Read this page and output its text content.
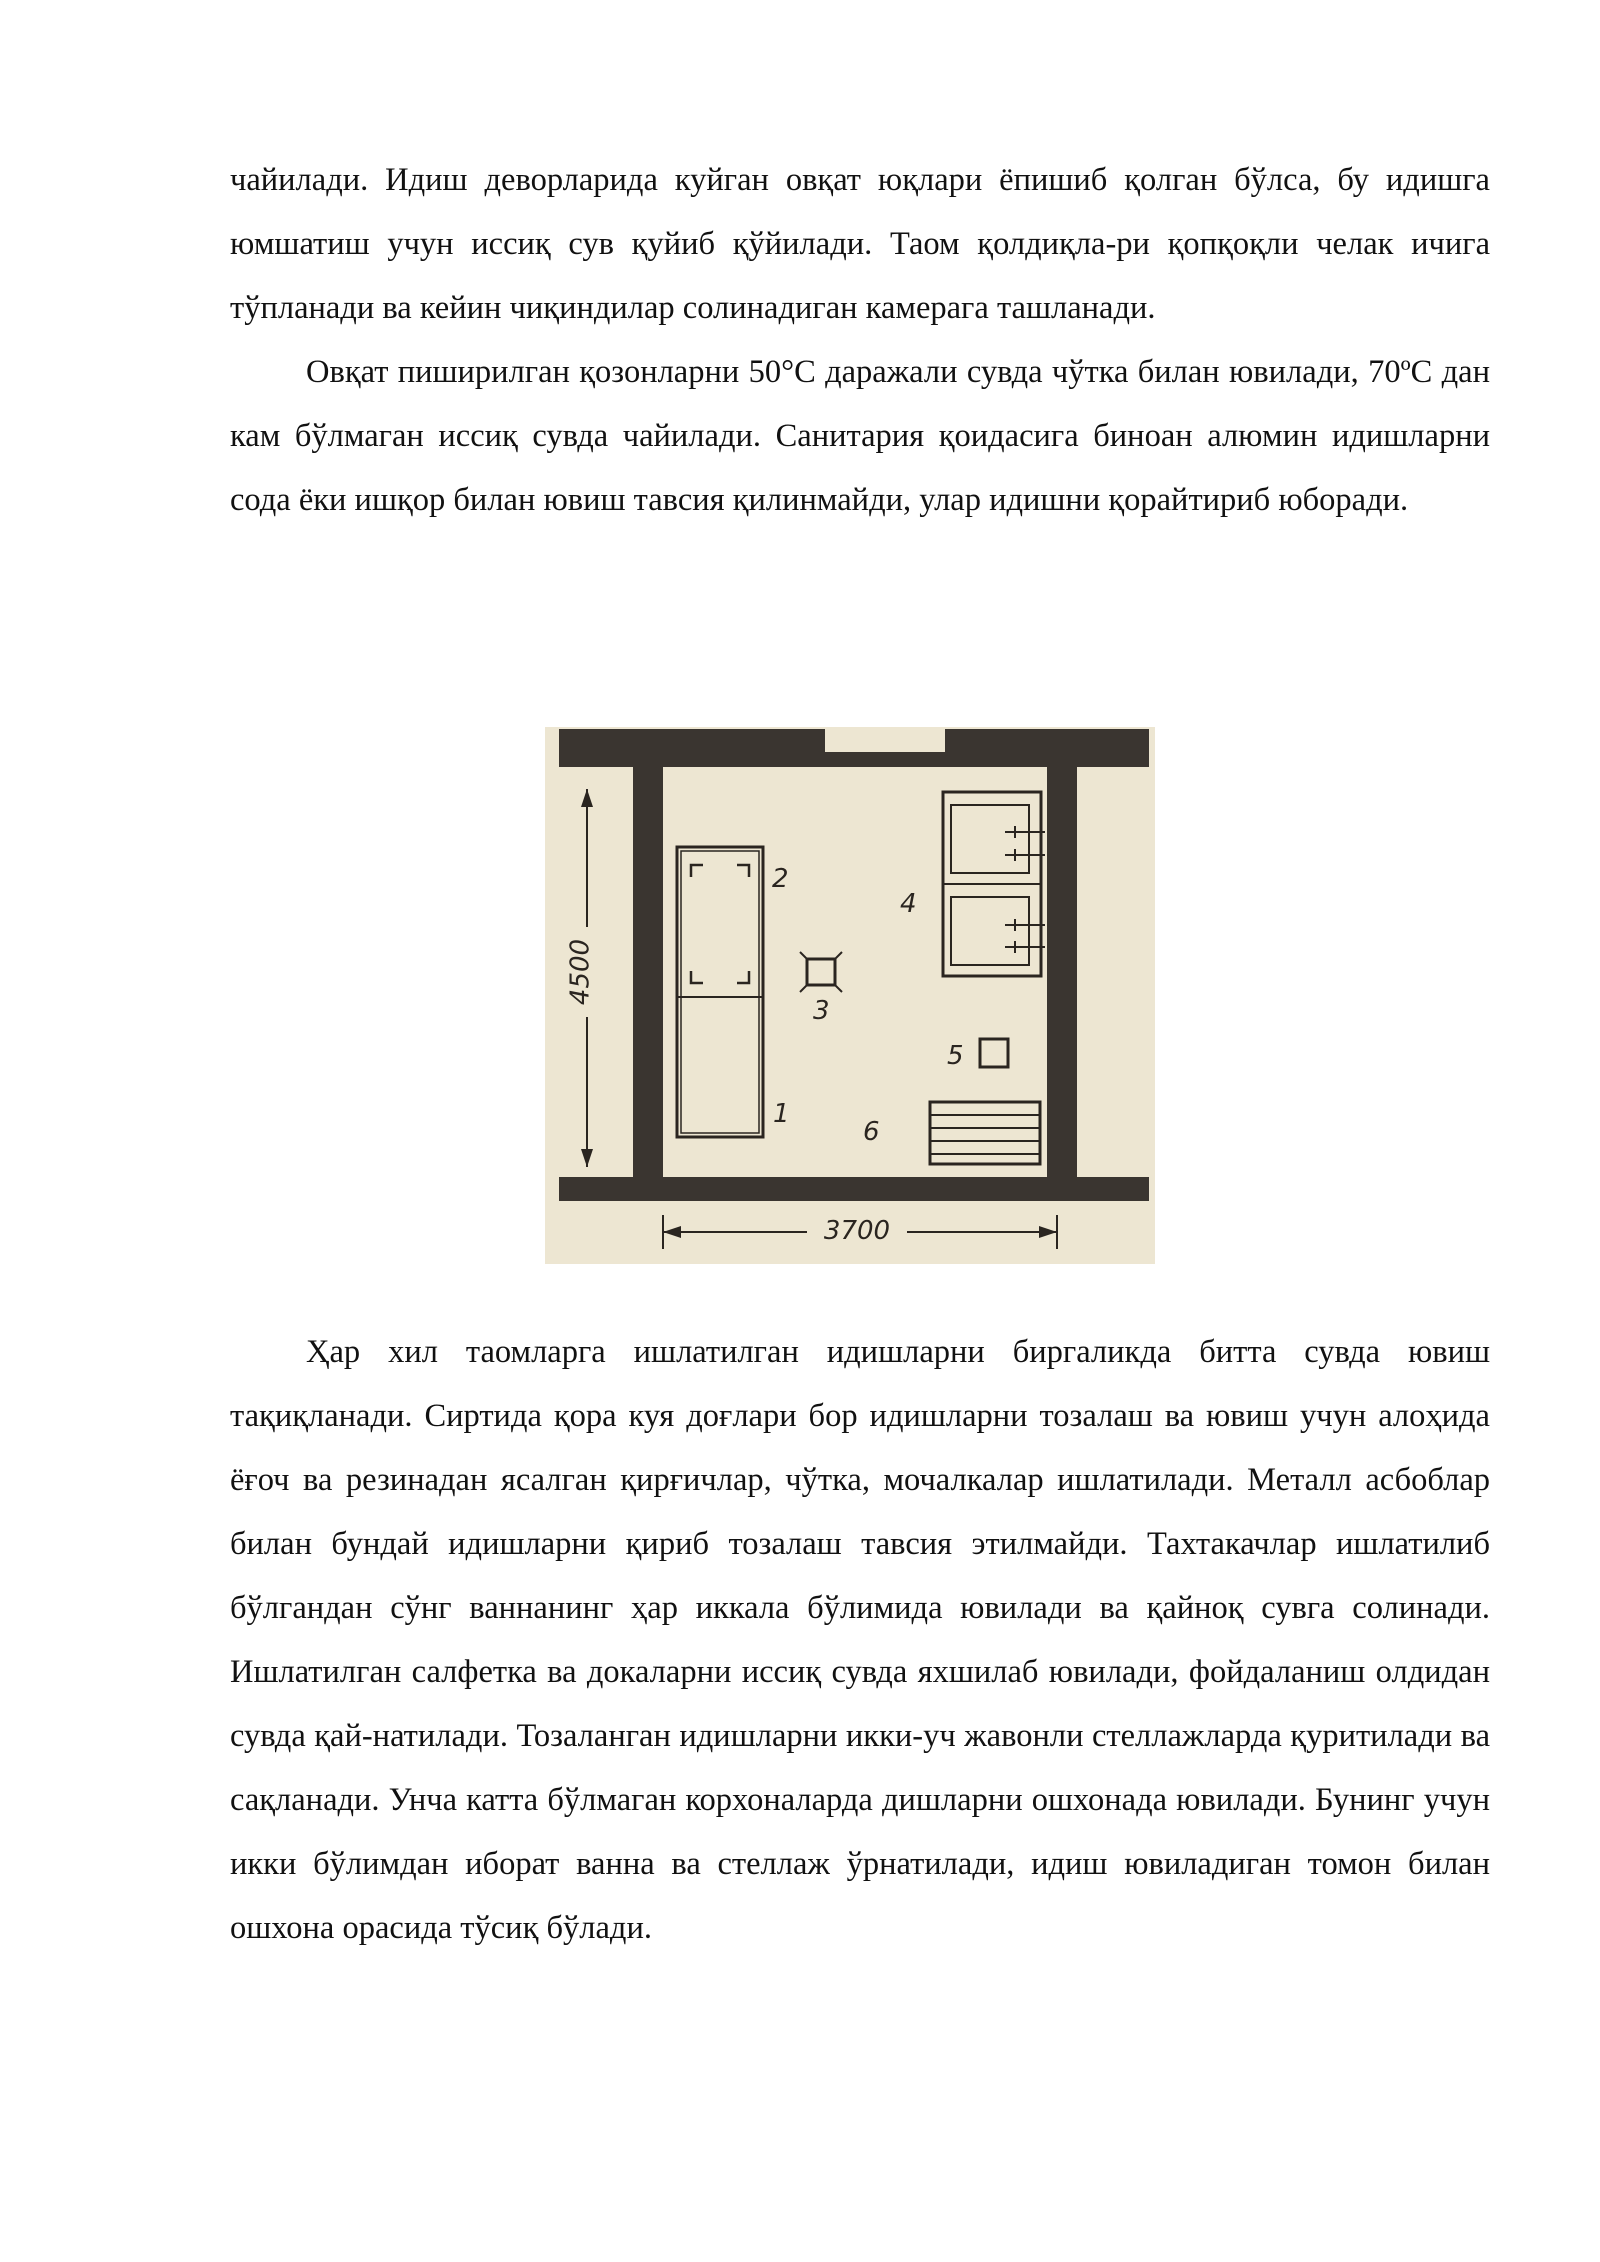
чайилади. Идиш деворларида куйган овқат юқлари ёпишиб қолган бўлса, бу идишга юмшатиш учун иссиқ сув қуйиб қўйилади. Таом қолдиқла-ри қопқоқли челак ичига тўпланади ва кейин чиқиндилар солинадиган камерага ташланади.

Овқат пиширилган қозонларни 50°С даражали сувда чўтка билан ювилади, 70ºС дан кам бўлмаган иссиқ сувда чайилади. Санитария қоидасига биноан алюмин идишларни сода ёки ишқор билан ювиш тавсия қилинмайди, улар идишни қорайтириб юборади.

4500
3700
1
2
3
4
5
6

Ҳар хил таомларга ишлатилган идишларни биргаликда битта сувда ювиш тақиқланади. Сиртида қора куя доғлари бор идишларни тозалаш ва ювиш учун алоҳида ёғоч ва резинадан ясалган қирғичлар, чўтка, мочалкалар ишлатилади. Металл асбоблар билан бундай идишларни қириб тозалаш тавсия этилмайди. Тахтакачлар ишлатилиб бўлгандан сўнг ваннанинг ҳар иккала бўлимида ювилади ва қайноқ сувга солинади. Ишлатилган салфетка ва докаларни иссиқ сувда яхшилаб ювилади, фойдаланиш олдидан сувда қай-натилади. Тозаланган идишларни икки-уч жавонли стеллажларда қуритилади ва сақланади. Унча катта бўлмаган корхоналарда дишларни ошхонада ювилади. Бунинг учун икки бўлимдан иборат ванна ва стеллаж ўрнатилади, идиш ювиладиган томон билан ошхона орасида тўсиқ бўлади.
